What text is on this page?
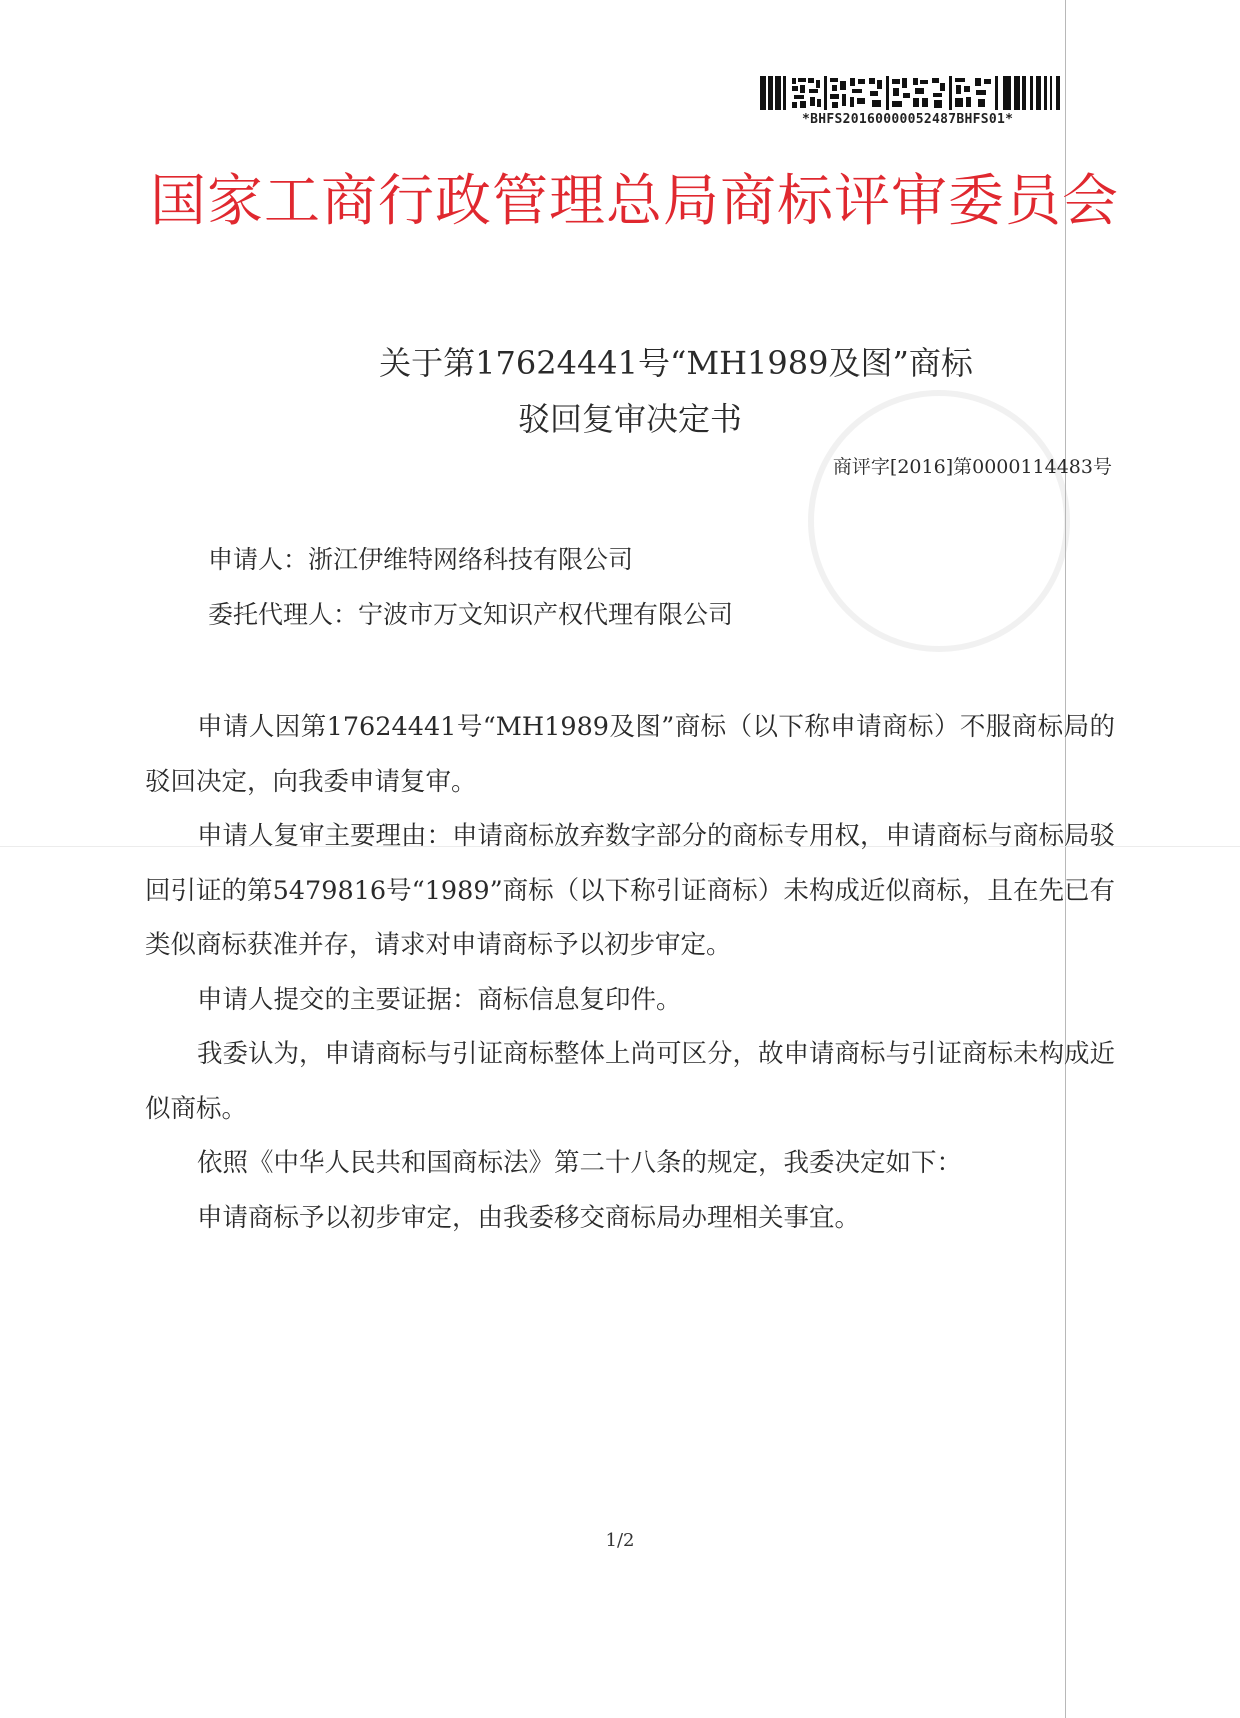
*BHFS20160000052487BHFS01*
国家工商行政管理总局商标评审委员会
关于第17624441号“MH1989及图”商标
驳回复审决定书
商评字[2016]第0000114483号
申请人：浙江伊维特网络科技有限公司
委托代理人：宁波市万文知识产权代理有限公司

申请人因第17624441号“MH1989及图”商标（以下称申请商标）不服商标局的驳回决定，向我委申请复审。

申请人复审主要理由：申请商标放弃数字部分的商标专用权，申请商标与商标局驳回引证的第5479816号“1989”商标（以下称引证商标）未构成近似商标，且在先已有类似商标获准并存，请求对申请商标予以初步审定。

申请人提交的主要证据：商标信息复印件。

我委认为，申请商标与引证商标整体上尚可区分，故申请商标与引证商标未构成近似商标。

依照《中华人民共和国商标法》第二十八条的规定，我委决定如下：

申请商标予以初步审定，由我委移交商标局办理相关事宜。

1/2
